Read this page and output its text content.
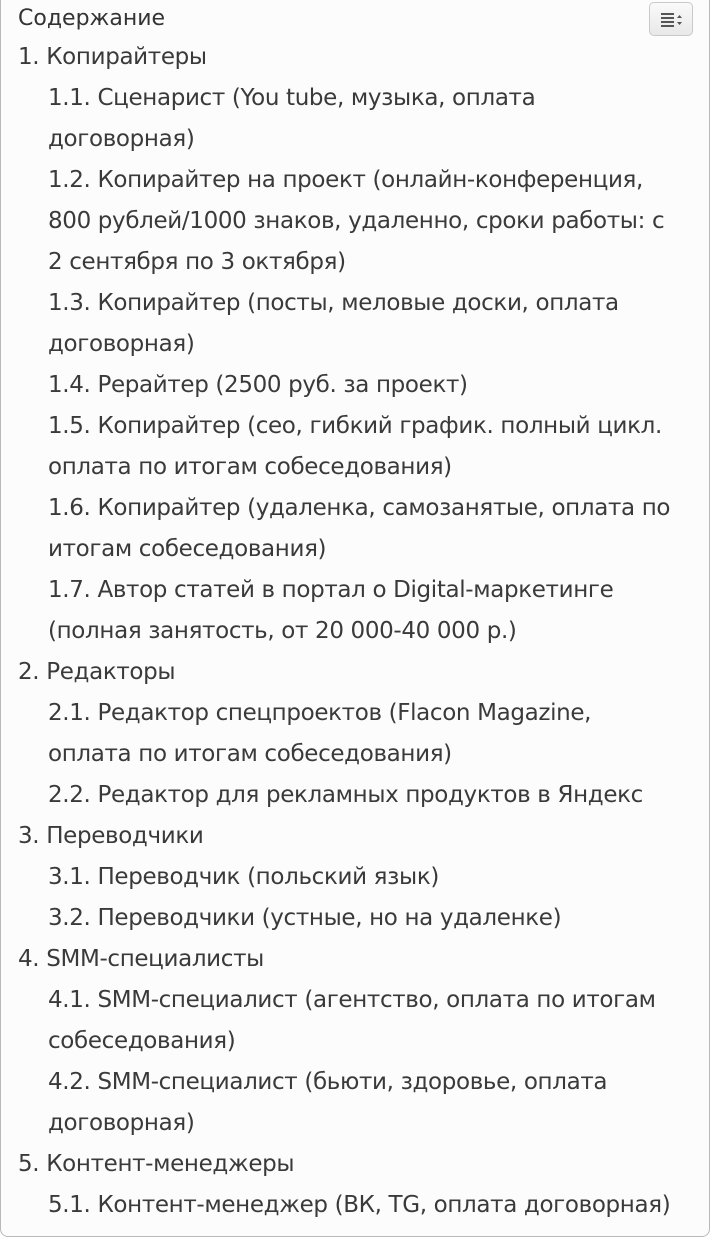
Содержание
1. Копирайтеры
1.1. Сценарист (You tube, музыка, оплата
договорная)
1.2. Копирайтер на проект (онлайн-конференция,
800 рублей/1000 знаков, удаленно, сроки работы: с
2 сентября по 3 октября)
1.3. Копирайтер (посты, меловые доски, оплата
договорная)
1.4. Рерайтер (2500 руб. за проект)
1.5. Копирайтер (сео, гибкий график. полный цикл.
оплата по итогам собеседования)
1.6. Копирайтер (удаленка, самозанятые, оплата по
итогам собеседования)
1.7. Автор статей в портал о Digital-маркетинге
(полная занятость, от 20 000-40 000 р.)
2. Редакторы
2.1. Редактор спецпроектов (Flacon Magazine,
оплата по итогам собеседования)
2.2. Редактор для рекламных продуктов в Яндекс
3. Переводчики
3.1. Переводчик (польский язык)
3.2. Переводчики (устные, но на удаленке)
4. SMM-специалисты
4.1. SMM-специалист (агентство, оплата по итогам
собеседования)
4.2. SMM-специалист (бьюти, здоровье, оплата
договорная)
5. Контент-менеджеры
5.1. Контент-менеджер (ВК, TG, оплата договорная)
